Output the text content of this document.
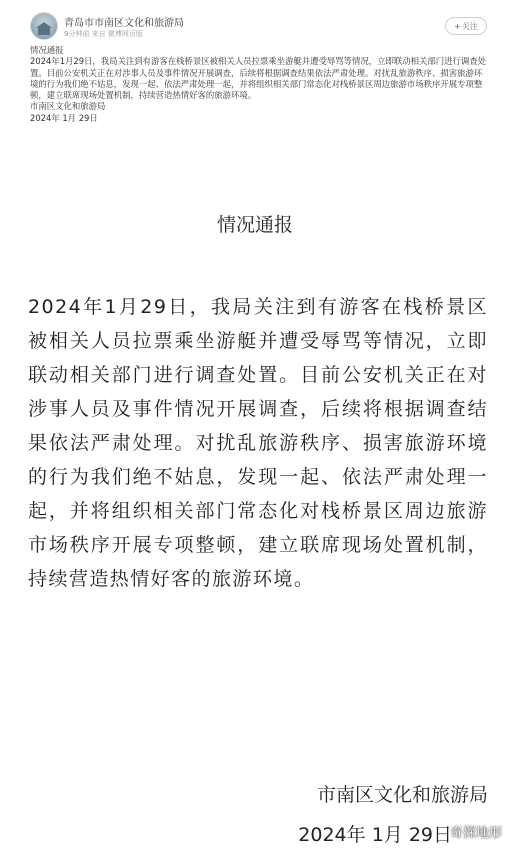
青岛市市南区文化和旅游局
9分钟前 来自 微博网页版
+ 关注

情况通报

2024年1月29日，我局关注到有游客在栈桥景区被相关人员拉票乘坐游艇并遭受辱骂等情况，立即联动相关部门进行调查处置。目前公安机关正在对涉事人员及事件情况开展调查，后续将根据调查结果依法严肃处理。对扰乱旅游秩序、损害旅游环境的行为我们绝不姑息，发现一起、依法严肃处理一起，并将组织相关部门常态化对栈桥景区周边旅游市场秩序开展专项整顿，建立联席现场处置机制，持续营造热情好客的旅游环境。

市南区文化和旅游局

2024年 1月 29日

情况通报
2024年1月29日，我局关注到有游客在栈桥景区被相关人员拉票乘坐游艇并遭受辱骂等情况，立即联动相关部门进行调查处置。目前公安机关正在对涉事人员及事件情况开展调查，后续将根据调查结果依法严肃处理。对扰乱旅游秩序、损害旅游环境的行为我们绝不姑息，发现一起、依法严肃处理一起，并将组织相关部门常态化对栈桥景区周边旅游市场秩序开展专项整顿，建立联席现场处置机制，持续营造热情好客的旅游环境。
市南区文化和旅游局
2024年 1月 29日
奇探地形
